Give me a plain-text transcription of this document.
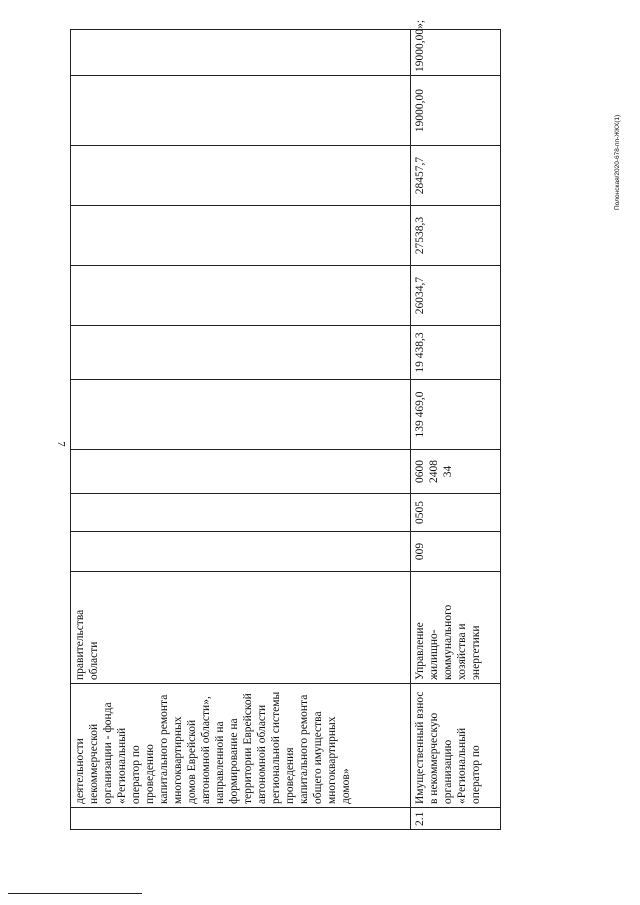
7
	деятельности некоммерческой организации - фонда «Региональный оператор по проведению капитального ремонта многоквартирных домов Еврейской автономной области», направленной на формирование на территории Еврейской автономной области региональной системы проведения капитального ремонта общего имущества многоквартирных домов»	правительства области										
2.1	Имущественный взнос в некоммерческую организацию «Региональный оператор по	Управление жилищно-коммунального хозяйства и энергетики	009	0505	0600 2408 34	139 469,0	19 438,3	26034,7	27538,3	28457,7	19000,00	19000,00»;
Полонская/2020-678-пп-ЖКХ(1)
